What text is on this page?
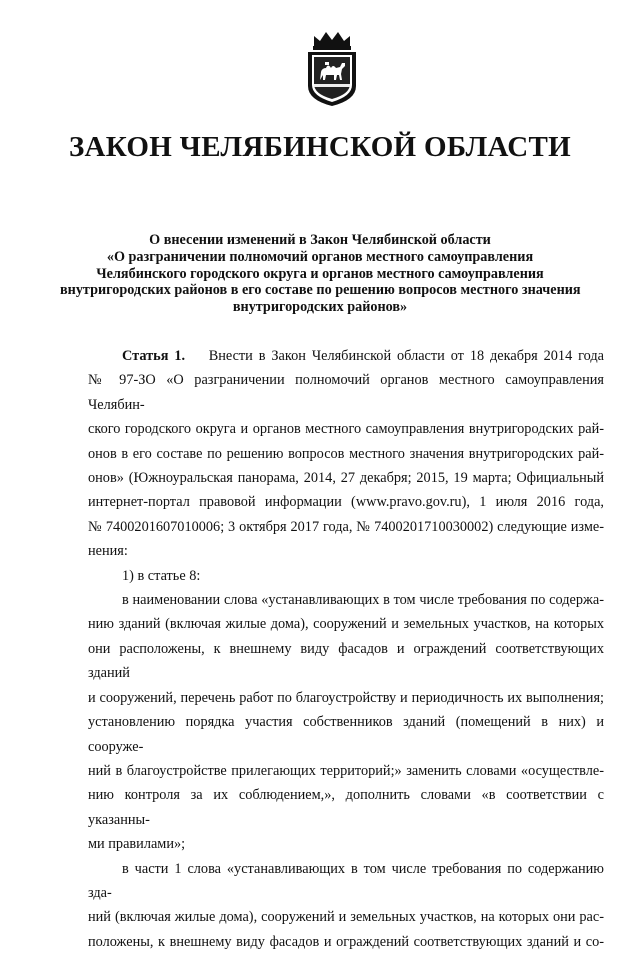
ЗАКОН ЧЕЛЯБИНСКОЙ ОБЛАСТИ
О внесении изменений в Закон Челябинской области
«О разграничении полномочий органов местного самоуправления
Челябинского городского округа и органов местного самоуправления
внутригородских районов в его составе по решению вопросов местного значения
внутригородских районов»

Статья 1. Внести в Закон Челябинской области от 18 декабря 2014 года

№ 97-ЗО «О разграничении полномочий органов местного самоуправления Челябин-

ского городского округа и органов местного самоуправления внутригородских рай-

онов в его составе по решению вопросов местного значения внутригородских рай-

онов» (Южноуральская панорама, 2014, 27 декабря; 2015, 19 марта; Официальный

интернет-портал правовой информации (www.pravo.gov.ru), 1 июля 2016 года,

№ 7400201607010006; 3 октября 2017 года, № 7400201710030002) следующие изме-

нения:

1) в статье 8:

в наименовании слова «устанавливающих в том числе требования по содержа-

нию зданий (включая жилые дома), сооружений и земельных участков, на которых

они расположены, к внешнему виду фасадов и ограждений соответствующих зданий

и сооружений, перечень работ по благоустройству и периодичность их выполнения;

установлению порядка участия собственников зданий (помещений в них) и сооруже-

ний в благоустройстве прилегающих территорий;» заменить словами «осуществле-

нию контроля за их соблюдением,», дополнить словами «в соответствии с указанны-

ми правилами»;

в части 1 слова «устанавливающих в том числе требования по содержанию зда-

ний (включая жилые дома), сооружений и земельных участков, на которых они рас-

положены, к внешнему виду фасадов и ограждений соответствующих зданий и со-
